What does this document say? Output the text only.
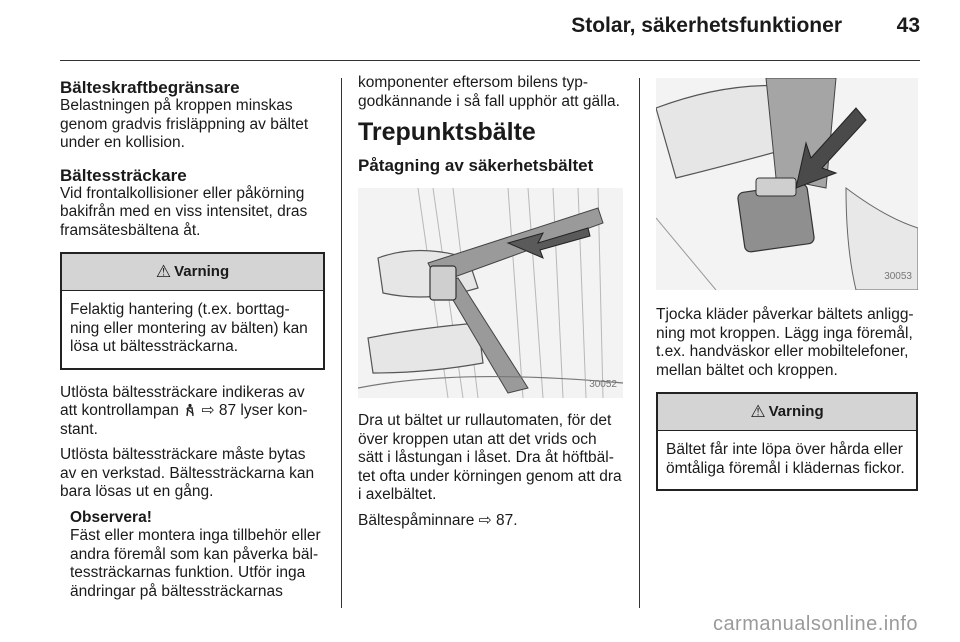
Stolar, säkerhetsfunktioner	43
Bälteskraftbegränsare

Belastningen på kroppen minskas genom gradvis frisläppning av bältet under en kollision.

Bältessträckare

Vid frontalkollisioner eller påkörning bakifrån med en viss intensitet, dras framsätesbältena åt.

⚠ Varning
Felaktig hantering (t.ex. borttag-ning eller montering av bälten) kan lösa ut bältessträckarna.

Utlösta bältessträckare indikeras av att kontrollampan ⇨ 87 lyser kon-stant.

Utlösta bältessträckare måste bytas av en verkstad. Bältessträckarna kan bara lösas ut en gång.

Observera!
Fäst eller montera inga tillbehör eller andra föremål som kan påverka bäl-tessträckarnas funktion. Utför inga ändringar på bältessträckarnas

komponenter eftersom bilens typ-godkännande i så fall upphör att gälla.

Trepunktsbälte
Påtagning av säkerhetsbältet
30052

Dra ut bältet ur rullautomaten, för det över kroppen utan att det vrids och sätt i låstungan i låset. Dra åt höftbäl-tet ofta under körningen genom att dra i axelbältet.

Bältespåminnare ⇨ 87.

30053

Tjocka kläder påverkar bältets anligg-ning mot kroppen. Lägg inga föremål, t.ex. handväskor eller mobiltelefoner, mellan bältet och kroppen.

⚠ Varning
Bältet får inte löpa över hårda eller ömtåliga föremål i klädernas fickor.
carmanualsonline.info
